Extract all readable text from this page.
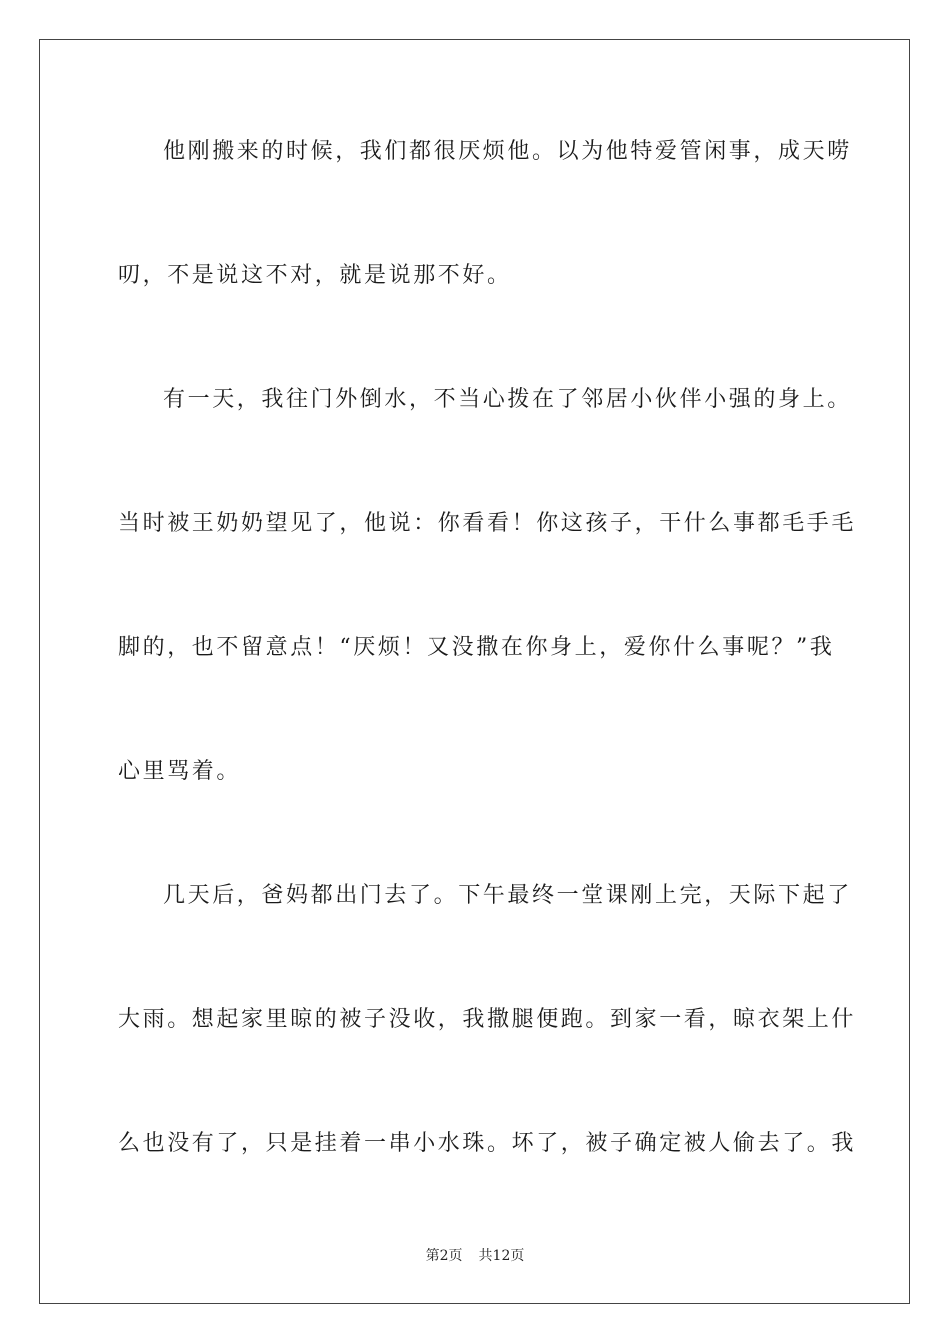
他刚搬来的时候，我们都很厌烦他。以为他特爱管闲事，成天唠
叨，不是说这不对，就是说那不好。
有一天，我往门外倒水，不当心拨在了邻居小伙伴小强的身上。
当时被王奶奶望见了，他说：你看看！你这孩子，干什么事都毛手毛
脚的，也不留意点！“厌烦！又没撒在你身上，爱你什么事呢？”我
心里骂着。
几天后，爸妈都出门去了。下午最终一堂课刚上完，天际下起了
大雨。想起家里晾的被子没收，我撒腿便跑。到家一看，晾衣架上什
么也没有了，只是挂着一串小水珠。坏了，被子确定被人偷去了。我
第2页 共12页
